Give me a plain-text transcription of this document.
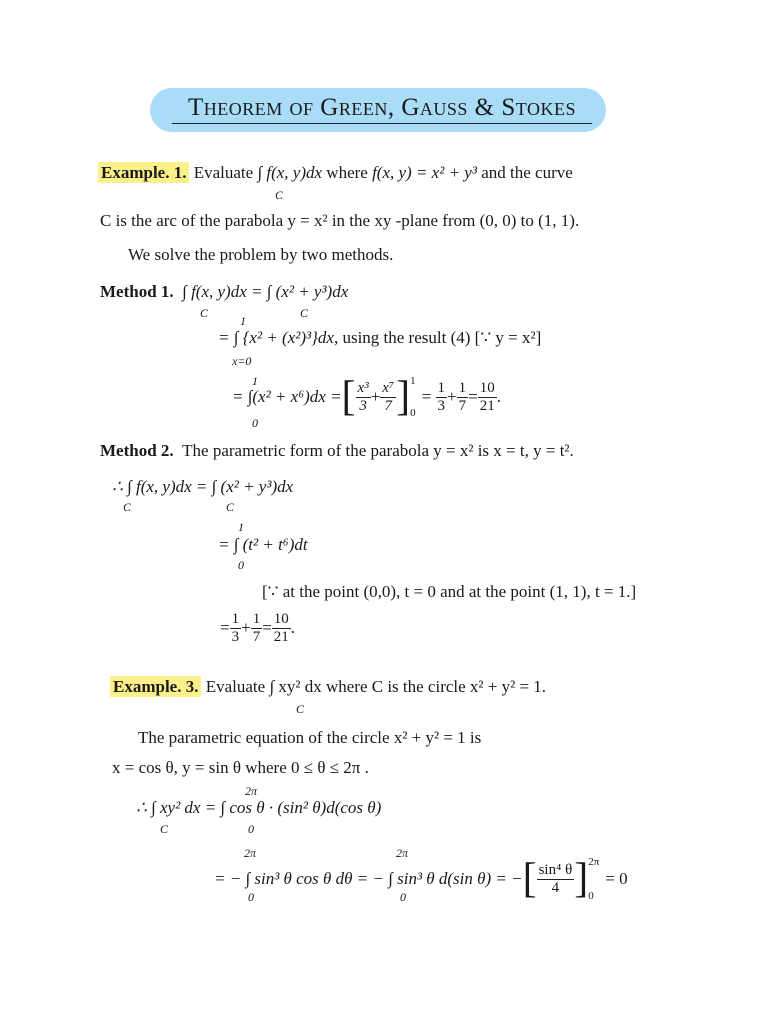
Theorem of Green, Gauss & Stokes
Example. 1. Evaluate ∫ f(x, y)dx where f(x, y) = x² + y³ and the curve
C
C is the arc of the parabola y = x² in the xy -plane from (0, 0) to (1, 1).
We solve the problem by two methods.
Method 1. ∫ f(x, y)dx = ∫ (x² + y³)dx
C	C
1
= ∫ {x² + (x²)³}dx, using the result (4) [∵ y = x²]
x=0
1
= ∫(x² + x⁶)dx = [ $\frac{\text{x³}}{3} + \frac{\text{x⁷}}{7}$ ] 1
0
=
$\frac{1}{3} + \frac{1}{7} = \frac{10}{21}$ .
0
Method 2. The parametric form of the parabola y = x² is x = t, y = t².
∴ ∫ f(x, y)dx = ∫ (x² + y³)dx
C	C
1
= ∫ (t² + t⁶)dt
0
[∵ at the point (0,0), t = 0 and at the point (1, 1), t = 1.]
= $\frac{1}{3} + \frac{1}{7} = \frac{10}{21}$ .
Example. 3. Evaluate ∫ xy² dx where C is the circle x² + y² = 1.
C
The parametric equation of the circle x² + y² = 1 is
x = cos θ, y = sin θ where 0 ≤ θ ≤ 2π .
2π
∴ ∫ xy² dx = ∫ cos θ · (sin² θ)d(cos θ)
C	0
2π	2π
= − ∫ sin³ θ cos θ dθ = − ∫ sin³ θ d(sin θ) = − [ $\frac{\text{sin⁴ θ}}{4}$ ] 2π
0
= 0
0	0
